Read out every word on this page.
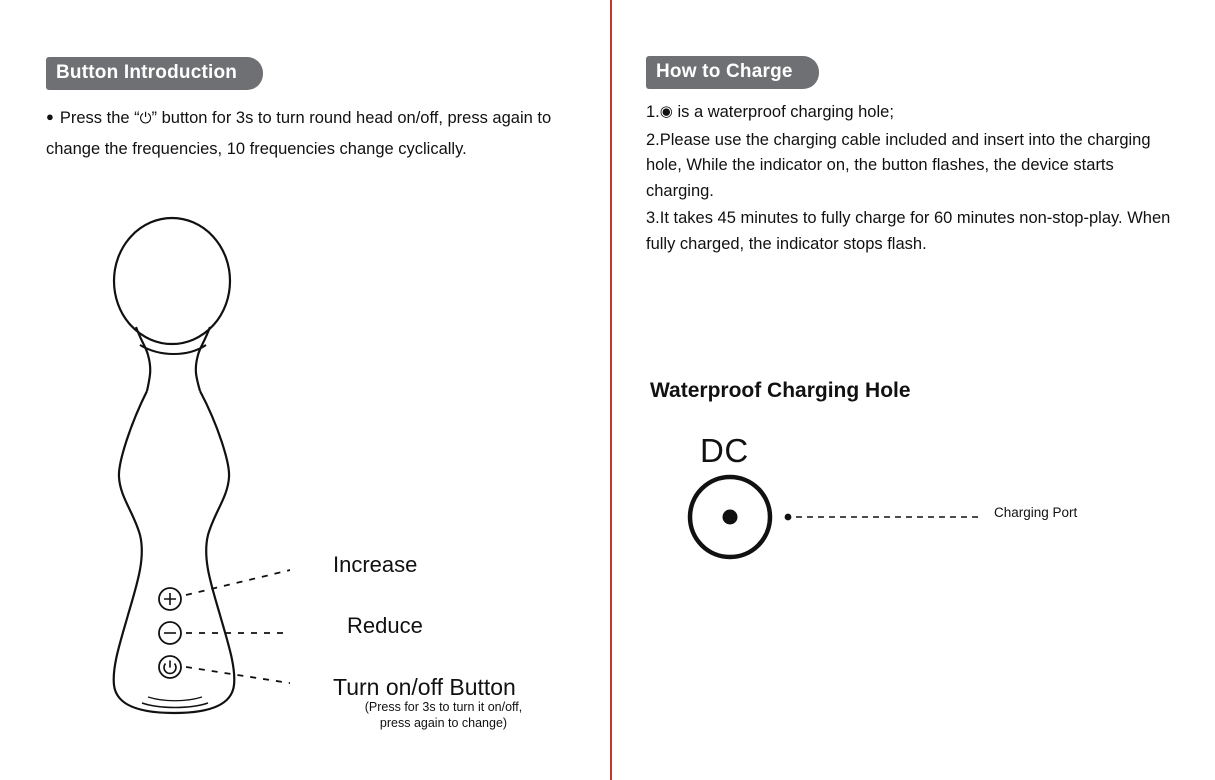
Button Introduction
● Press the “⏻” button for 3s to turn round head on/off, press again to change the frequencies, 10 frequencies change cyclically.
Increase
Reduce
Turn on/off Button
(Press for 3s to turn it on/off,
press again to change)
How to Charge

1.◉ is a waterproof charging hole;

2.Please use the charging cable included and insert into the charging hole, While the indicator on, the button flashes, the device starts charging.

3.It takes 45 minutes to fully charge for 60 minutes non-stop-play. When fully charged, the indicator stops flash.

Waterproof Charging Hole
DC
Charging Port
